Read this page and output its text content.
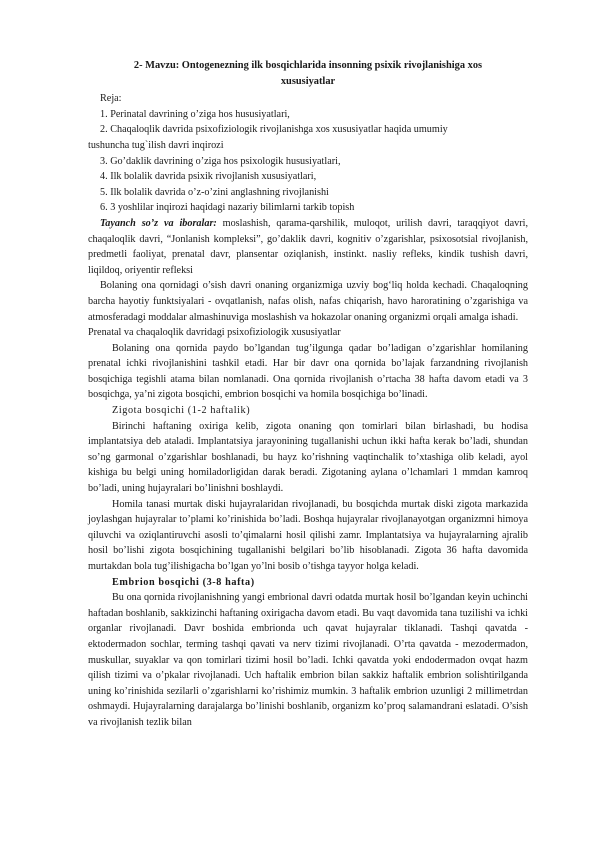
2- Mavzu: Ontogenezning ilk bosqichlarida insonning psixik rivojlanishiga xos
xususiyatlar

Reja:

1. Perinatal davrining o’ziga hos hususiyatlari,

2. Chaqaloqlik davrida psixofiziologik rivojlanishga xos xususiyatlar haqida umumiy

tushuncha tug`ilish davri inqirozi

3. Go’daklik davrining o’ziga hos psixologik hususiyatlari,

4. Ilk bolalik davrida psixik rivojlanish xususiyatlari,

5. Ilk bolalik davrida o’z-o’zini anglashning rivojlanishi

6. 3 yoshlilar inqirozi haqidagi nazariy bilimlarni tarkib topish

Tayanch so’z va iboralar: moslashish, qarama-qarshilik, muloqot, urilish davri, taraqqiyot davri, chaqaloqlik davri, “Jonlanish kompleksi”, go’daklik davri, kognitiv o’zgarishlar, psixosotsial rivojlanish, predmetli faoliyat, prenatal davr, plansentar oziqlanish, instinkt. nasliy refleks, kindik tushish davri, liqildoq, oriyentir refleksi

Bolaning ona qornidagi o’sish davri onaning organizmiga uzviy bog‘liq holda kechadi. Chaqaloqning barcha hayotiy funktsiyalari - ovqatlanish, nafas olish, nafas chiqarish, havo haroratining o’zgarishiga va atmosferadagi moddalar almashinuviga moslashish va hokazolar onaning organizmi orqali amalga ishadi.

Prenatal va chaqaloqlik davridagi psixofiziologik xususiyatlar

Bolaning ona qornida paydo bo’lgandan tug’ilgunga qadar bo’ladigan o’zgarishlar homilaning prenatal ichki rivojlanishini tashkil etadi. Har bir davr ona qornida bo’lajak farzandning rivojlanish bosqichiga tegishli atama bilan nomlanadi. Ona qornida rivojlanish o’rtacha 38 hafta davom etadi va 3 bosqichga, ya’ni zigota bosqichi, embrion bosqichi va homila bosqichiga bo’linadi.

Zigota bosqichi (1-2 haftalik)

Birinchi haftaning oxiriga kelib, zigota onaning qon tomirlari bilan birlashadi, bu hodisa implantatsiya deb ataladi. Implantatsiya jarayonining tugallanishi uchun ikki hafta kerak bo’ladi, shundan so’ng garmonal o’zgarishlar boshlanadi, bu hayz ko’rishning vaqtinchalik to’xtashiga olib keladi, ayol kishiga bu belgi uning homiladorligidan darak beradi. Zigotaning aylana o’lchamlari 1 mmdan kamroq bo’ladi, uning hujayralari bo’linishni boshlaydi.

Homila tanasi murtak diski hujayralaridan rivojlanadi, bu bosqichda murtak diski zigota markazida joylashgan hujayralar to’plami ko’rinishida bo’ladi. Boshqa hujayralar rivojlanayotgan organizmni himoya qiluvchi va oziqlantiruvchi asosli to’qimalarni hosil qilishi zamr. Implantatsiya va hujayralarning ajralib hosil bo’lishi zigota bosqichining tugallanishi belgilari bo’lib hisoblanadi. Zigota 36 hafta davomida murtakdan bola tug’ilishigacha bo’lgan yo’lni bosib o’tishga tayyor holga keladi.

Embrion bosqichi (3-8 hafta)

Bu ona qornida rivojlanishning yangi embrional davri odatda murtak hosil bo’lgandan keyin uchinchi haftadan boshlanib, sakkizinchi haftaning oxirigacha davom etadi. Bu vaqt davomida tana tuzilishi va ichki organlar rivojlanadi. Davr boshida embrionda uch qavat hujayralar tiklanadi. Tashqi qavatda - ektodermadon sochlar, terming tashqi qavati va nerv tizimi rivojlanadi. O’rta qavatda - mezodermadon, muskullar, suyaklar va qon tomirlari tizimi hosil bo’ladi. Ichki qavatda yoki endodermadon ovqat hazm qilish tizimi va o’pkalar rivojlanadi. Uch haftalik embrion bilan sakkiz haftalik embrion solishtirilganda uning ko’rinishida sezilarli o’zgarishlarni ko’rishimiz mumkin. 3 haftalik embrion uzunligi 2 millimetrdan oshmaydi. Hujayralarning darajalarga bo’linishi boshlanib, organizm ko’proq salamandrani eslatadi. O’sish va rivojlanish tezlik bilan
